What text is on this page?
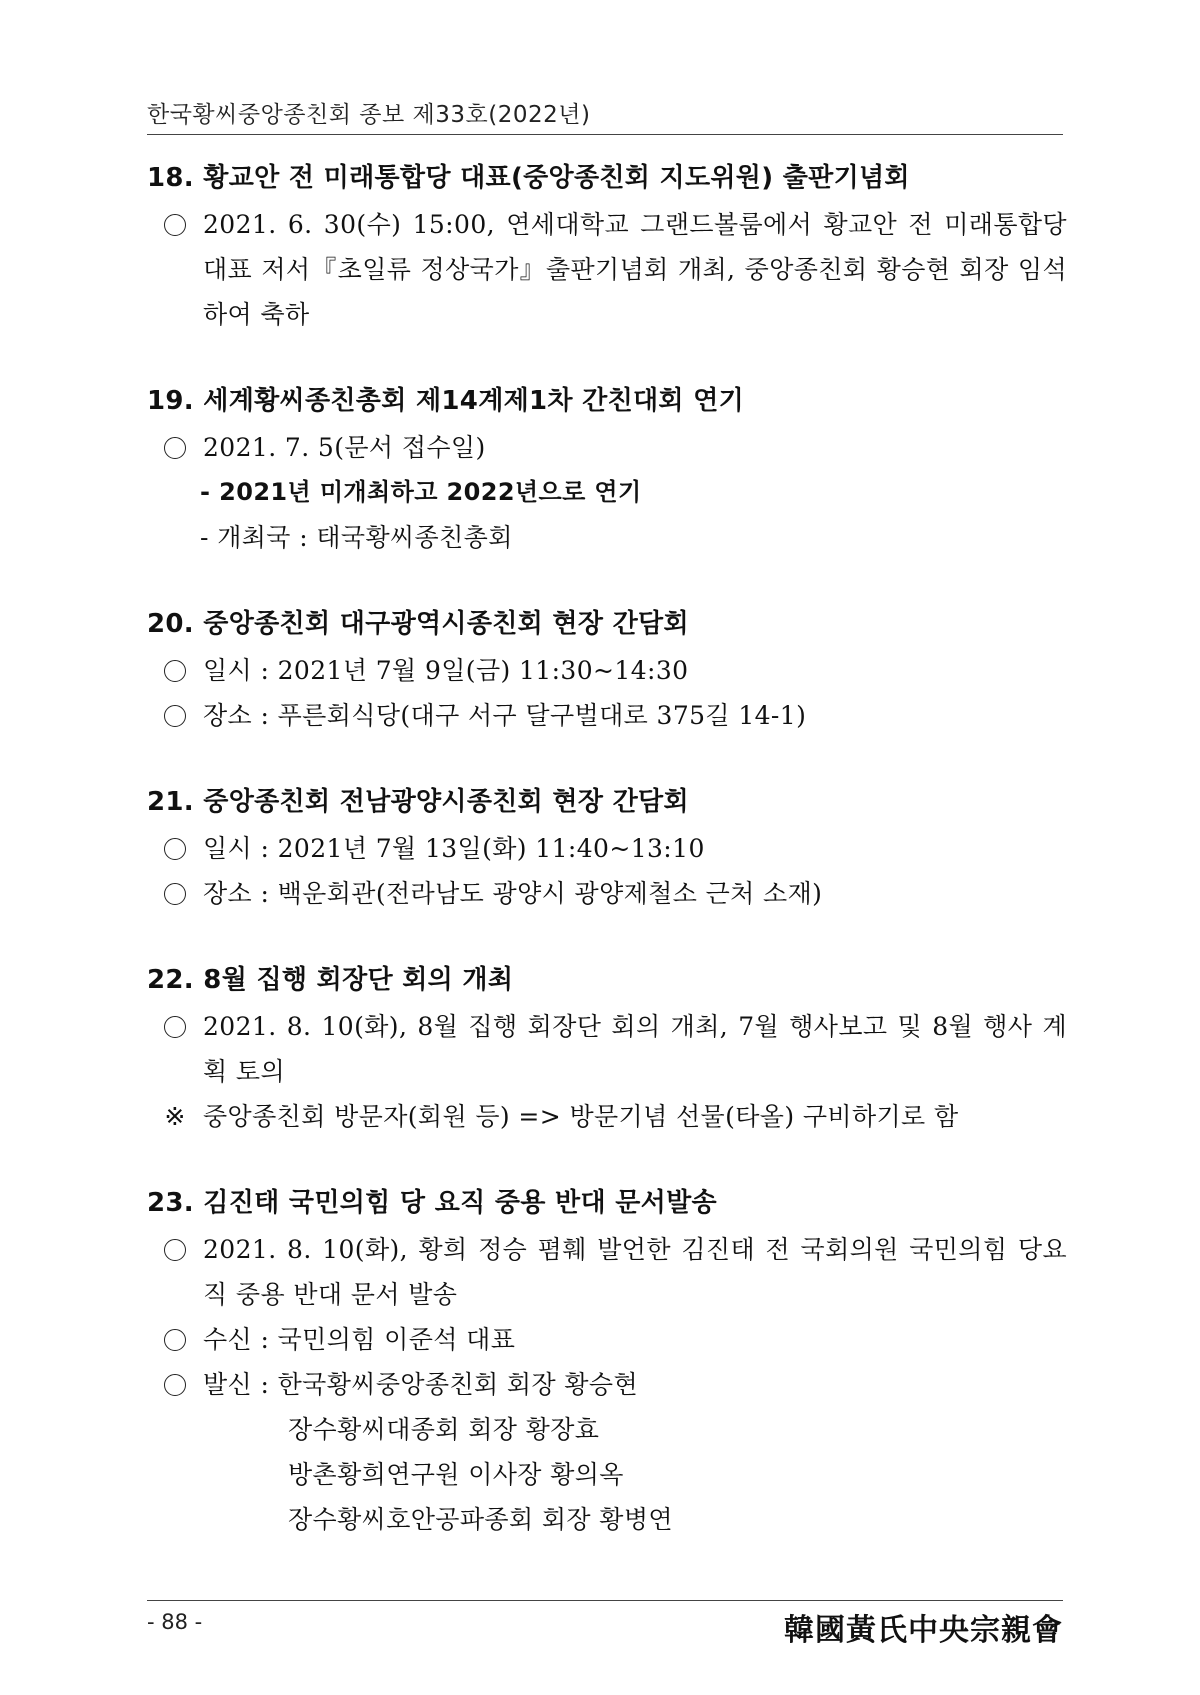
한국황씨중앙종친회 종보 제33호(2022년)
18. 황교안 전 미래통합당 대표(중앙종친회 지도위원) 출판기념회
2021. 6. 30(수) 15:00, 연세대학교 그랜드볼룸에서 황교안 전 미래통합당 대표 저서『초일류 정상국가』출판기념회 개최, 중앙종친회 황승현 회장 임석하여 축하
19. 세계황씨종친총회 제14계제1차 간친대회 연기
2021. 7. 5(문서 접수일)
- 2021년 미개최하고 2022년으로 연기
- 개최국 : 태국황씨종친총회
20. 중앙종친회 대구광역시종친회 현장 간담회
일시 : 2021년 7월 9일(금) 11:30~14:30
장소 : 푸른회식당(대구 서구 달구벌대로 375길 14-1)
21. 중앙종친회 전남광양시종친회 현장 간담회
일시 : 2021년 7월 13일(화) 11:40~13:10
장소 : 백운회관(전라남도 광양시 광양제철소 근처 소재)
22. 8월 집행 회장단 회의 개최
2021. 8. 10(화), 8월 집행 회장단 회의 개최, 7월 행사보고 및 8월 행사 계획 토의
※ 중앙종친회 방문자(회원 등) => 방문기념 선물(타올) 구비하기로 함
23. 김진태 국민의힘 당 요직 중용 반대 문서발송
2021. 8. 10(화), 황희 정승 폄훼 발언한 김진태 전 국회의원 국민의힘 당요직 중용 반대 문서 발송
수신 : 국민의힘 이준석 대표
발신 : 한국황씨중앙종친회 회장 황승현
장수황씨대종회 회장 황장효
방촌황희연구원 이사장 황의옥
장수황씨호안공파종회 회장 황병연
- 88 -	韓國黃氏中央宗親會
